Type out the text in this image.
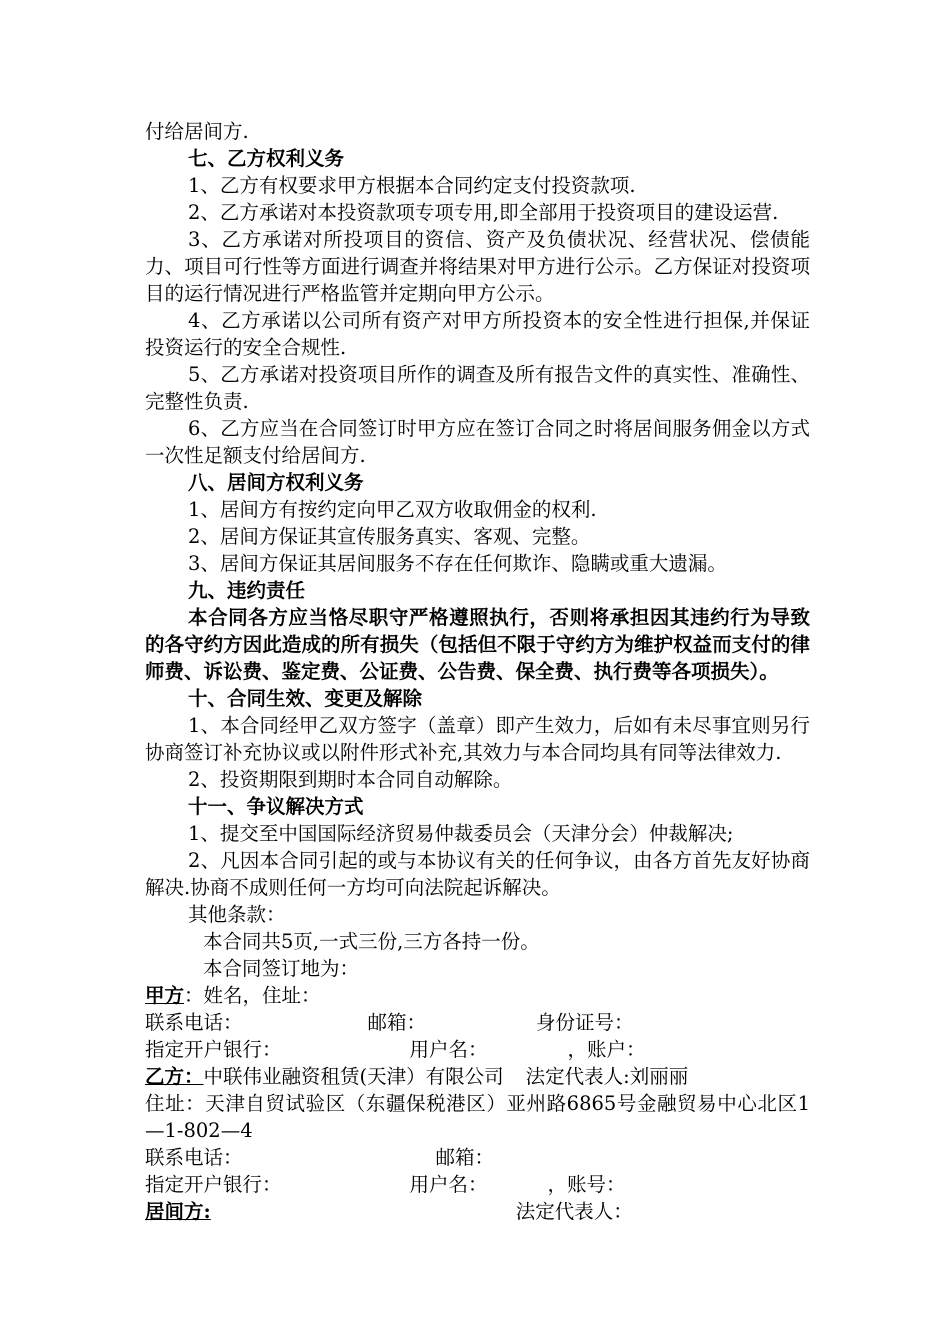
付给居间方.

七、乙方权利义务

1、乙方有权要求甲方根据本合同约定支付投资款项.

2、乙方承诺对本投资款项专项专用,即全部用于投资项目的建设运营.

3、乙方承诺对所投项目的资信、资产及负债状况、经营状况、偿债能力、项目可行性等方面进行调查并将结果对甲方进行公示。乙方保证对投资项目的运行情况进行严格监管并定期向甲方公示。

4、乙方承诺以公司所有资产对甲方所投资本的安全性进行担保,并保证投资运行的安全合规性.

5、乙方承诺对投资项目所作的调查及所有报告文件的真实性、准确性、完整性负责.

6、乙方应当在合同签订时甲方应在签订合同之时将居间服务佣金以方式一次性足额支付给居间方.

八、居间方权利义务

1、居间方有按约定向甲乙双方收取佣金的权利.

2、居间方保证其宣传服务真实、客观、完整。

3、居间方保证其居间服务不存在任何欺诈、隐瞒或重大遗漏。

九、违约责任

本合同各方应当恪尽职守严格遵照执行，否则将承担因其违约行为导致的各守约方因此造成的所有损失（包括但不限于守约方为维护权益而支付的律师费、诉讼费、鉴定费、公证费、公告费、保全费、执行费等各项损失）。

十、合同生效、变更及解除

1、本合同经甲乙双方签字（盖章）即产生效力，后如有未尽事宜则另行协商签订补充协议或以附件形式补充,其效力与本合同均具有同等法律效力.

2、投资期限到期时本合同自动解除。

十一、争议解决方式

1、提交至中国国际经济贸易仲裁委员会（天津分会）仲裁解决;

2、凡因本合同引起的或与本协议有关的任何争议，由各方首先友好协商解决.协商不成则任何一方均可向法院起诉解决。

其他条款：

本合同共5页,一式三份,三方各持一份。

本合同签订地为：

甲方：姓名，住址：

联系电话：	邮箱：	身份证号：

指定开户银行：	用户名：	，账户：

乙方：中联伟业融资租赁(天津）有限公司 法定代表人:刘丽丽

住址：天津自贸试验区（东疆保税港区）亚州路6865号金融贸易中心北区1—1-802—4

联系电话：	邮箱：

指定开户银行：	用户名：	，账号：

居间方:	法定代表人：
